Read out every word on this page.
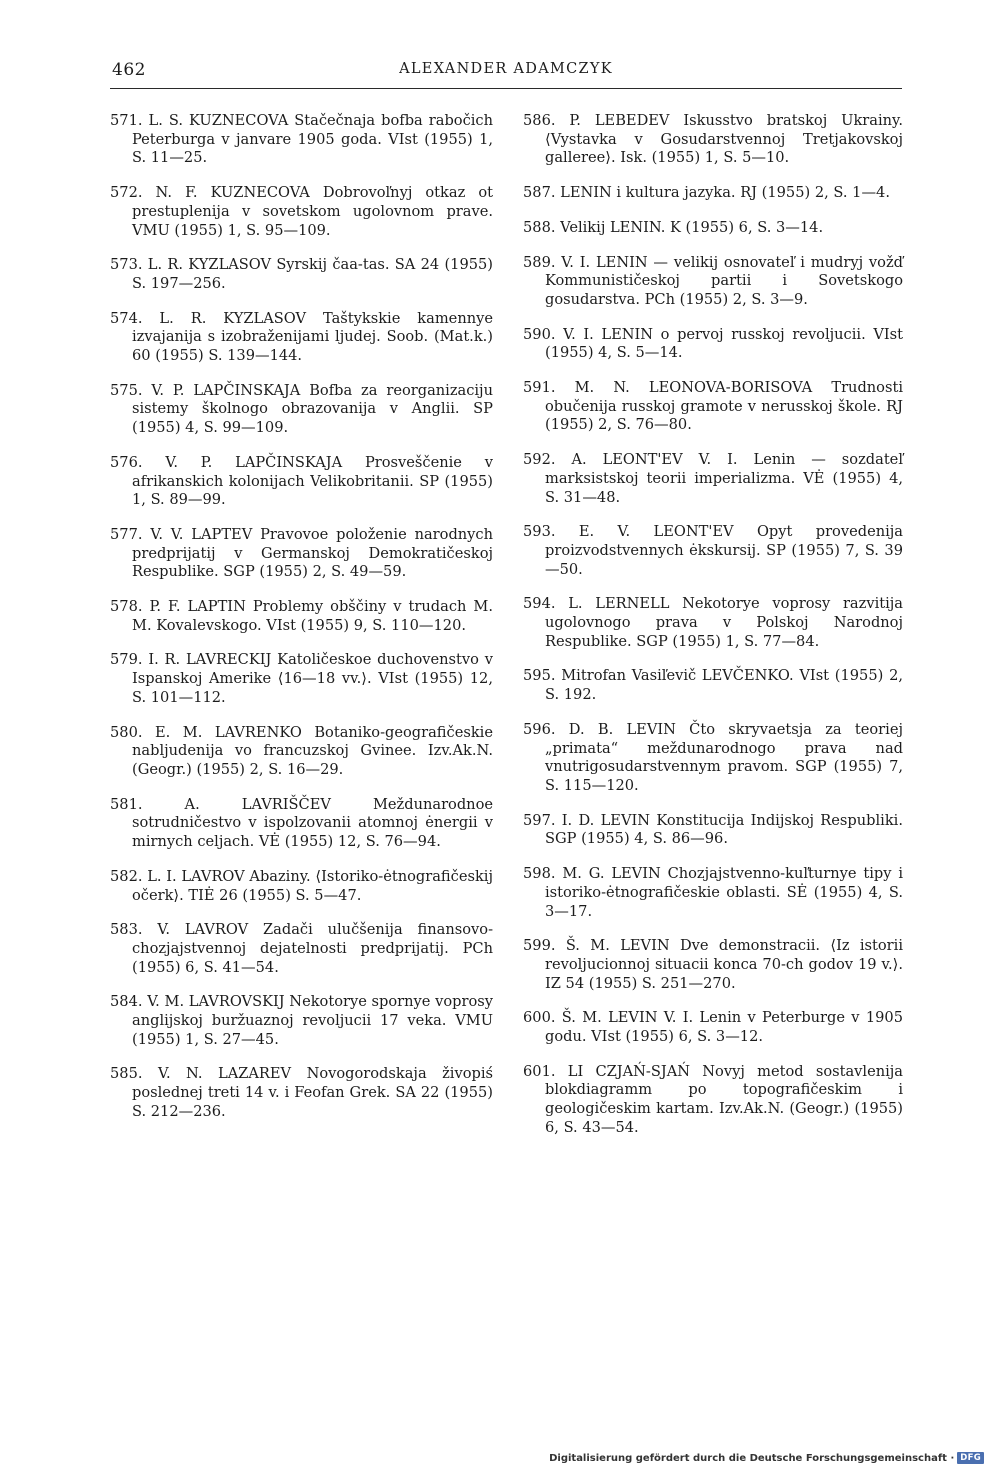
462	ALEXANDER ADAMCZYK

571. L. S. KUZNECOVA Stačečnaja bofba rabočich Peterburga v janvare 1905 goda. VIst (1955) 1, S. 11—25.

572. N. F. KUZNECOVA Dobrovoľnyj otkaz ot prestuplenija v sovetskom ugolovnom prave. VMU (1955) 1, S. 95—109.

573. L. R. KYZLASOV Syrskij čaa-tas. SA 24 (1955) S. 197—256.

574. L. R. KYZLASOV Taštykskie kamennye izvajanija s izobraženijami ljudej. Soob. (Mat.k.) 60 (1955) S. 139—144.

575. V. P. LAPČINSKAJA Bofba za reorganizaciju sistemy školnogo obrazovanija v Anglii. SP (1955) 4, S. 99—109.

576. V. P. LAPČINSKAJA Prosveščenie v afrikanskich kolonijach Velikobritanii. SP (1955) 1, S. 89—99.

577. V. V. LAPTEV Pravovoe položenie narodnych predprijatij v Germanskoj Demokratičeskoj Respublike. SGP (1955) 2, S. 49—59.

578. P. F. LAPTIN Problemy obščiny v trudach M. M. Kovalevskogo. VIst (1955) 9, S. 110—120.

579. I. R. LAVRECKIJ Katoličeskoe duchovenstvo v Ispanskoj Amerike ⟨16—18 vv.⟩. VIst (1955) 12, S. 101—112.

580. E. M. LAVRENKO Botaniko-geografičeskie nabljudenija vo francuzskoj Gvinee. Izv.Ak.N. (Geogr.) (1955) 2, S. 16—29.

581. A. LAVRIŠČEV Meždunarodnoe sotrudničestvo v ispolzovanii atomnoj ėnergii v mirnych celjach. VĖ (1955) 12, S. 76—94.

582. L. I. LAVROV Abaziny. ⟨Istoriko-ėtnografičeskij očerk⟩. TIĖ 26 (1955) S. 5—47.

583. V. LAVROV Zadači ulučšenija finansovo-chozjajstvennoj dejatelnosti predprijatij. PCh (1955) 6, S. 41—54.

584. V. M. LAVROVSKIJ Nekotorye spornye voprosy anglijskoj buržuaznoj revoljucii 17 veka. VMU (1955) 1, S. 27—45.

585. V. N. LAZAREV Novogorodskaja živopiś poslednej treti 14 v. i Feofan Grek. SA 22 (1955) S. 212—236.

586. P. LEBEDEV Iskusstvo bratskoj Ukrainy. ⟨Vystavka v Gosudarstvennoj Tretjakovskoj galleree⟩. Isk. (1955) 1, S. 5—10.

587. LENIN i kultura jazyka. RJ (1955) 2, S. 1—4.

588. Velikij LENIN. K (1955) 6, S. 3—14.

589. V. I. LENIN — velikij osnovateľ i mudryj vožď Kommunističeskoj partii i Sovetskogo gosudarstva. PCh (1955) 2, S. 3—9.

590. V. I. LENIN o pervoj russkoj revoljucii. VIst (1955) 4, S. 5—14.

591. M. N. LEONOVA-BORISOVA Trudnosti obučenija russkoj gramote v nerusskoj škole. RJ (1955) 2, S. 76—80.

592. A. LEONT'EV V. I. Lenin — sozdateľ marksistskoj teorii imperializma. VĖ (1955) 4, S. 31—48.

593. E. V. LEONT'EV Opyt provedenija proizvodstvennych ėkskursij. SP (1955) 7, S. 39—50.

594. L. LERNELL Nekotorye voprosy razvitija ugolovnogo prava v Polskoj Narodnoj Respublike. SGP (1955) 1, S. 77—84.

595. Mitrofan Vasiľevič LEVČENKO. VIst (1955) 2, S. 192.

596. D. B. LEVIN Čto skryvaetsja za teoriej „primata“ meždunarodnogo prava nad vnutrigosudarstvennym pravom. SGP (1955) 7, S. 115—120.

597. I. D. LEVIN Konstitucija Indijskoj Respubliki. SGP (1955) 4, S. 86—96.

598. M. G. LEVIN Chozjajstvenno-kuľturnye tipy i istoriko-ėtnografičeskie oblasti. SĖ (1955) 4, S. 3—17.

599. Š. M. LEVIN Dve demonstracii. ⟨Iz istorii revoljucionnoj situacii konca 70-ch godov 19 v.⟩. IZ 54 (1955) S. 251—270.

600. Š. M. LEVIN V. I. Lenin v Peterburge v 1905 godu. VIst (1955) 6, S. 3—12.

601. LI CZJAŃ-SJAŃ Novyj metod sostavlenija blokdiagramm po topografičeskim i geologičeskim kartam. Izv.Ak.N. (Geogr.) (1955) 6, S. 43—54.

Digitalisierung gefördert durch die Deutsche Forschungsgemeinschaft · DFG
